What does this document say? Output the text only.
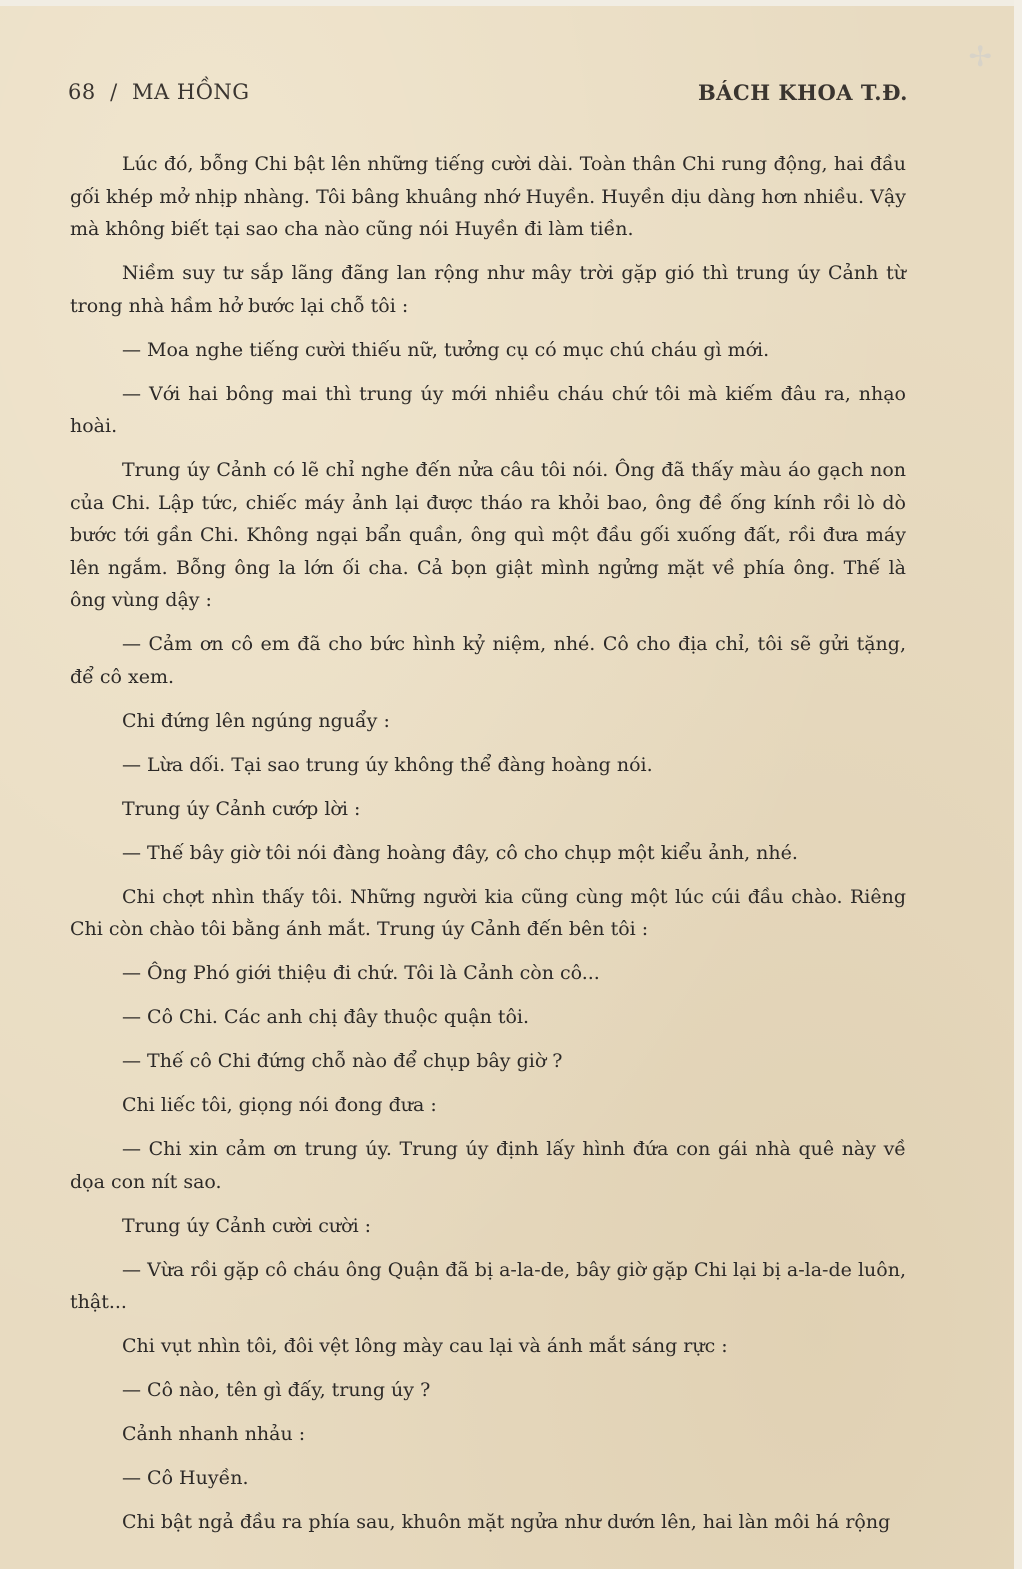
✢
68 / MA HỒNG	BÁCH KHOA T.Đ.

Lúc đó, bỗng Chi bật lên những tiếng cười dài. Toàn thân Chi rung động, hai đầu gối khép mở nhịp nhàng. Tôi bâng khuâng nhớ Huyền. Huyền dịu dàng hơn nhiều. Vậy mà không biết tại sao cha nào cũng nói Huyền đi làm tiền.

Niềm suy tư sắp lãng đãng lan rộng như mây trời gặp gió thì trung úy Cảnh từ trong nhà hầm hở bước lại chỗ tôi :

— Moa nghe tiếng cười thiếu nữ, tưởng cụ có mục chú cháu gì mới.

— Với hai bông mai thì trung úy mới nhiều cháu chứ tôi mà kiếm đâu ra, nhạo hoài.

Trung úy Cảnh có lẽ chỉ nghe đến nửa câu tôi nói. Ông đã thấy màu áo gạch non của Chi. Lập tức, chiếc máy ảnh lại được tháo ra khỏi bao, ông đề ống kính rồi lò dò bước tới gần Chi. Không ngại bẩn quần, ông quì một đầu gối xuống đất, rồi đưa máy lên ngắm. Bỗng ông la lớn ối cha. Cả bọn giật mình ngửng mặt về phía ông. Thế là ông vùng dậy :

— Cảm ơn cô em đã cho bức hình kỷ niệm, nhé. Cô cho địa chỉ, tôi sẽ gửi tặng, để cô xem.

Chi đứng lên ngúng nguẩy :

— Lừa dối. Tại sao trung úy không thể đàng hoàng nói.

Trung úy Cảnh cướp lời :

— Thế bây giờ tôi nói đàng hoàng đây, cô cho chụp một kiểu ảnh, nhé.

Chi chợt nhìn thấy tôi. Những người kia cũng cùng một lúc cúi đầu chào. Riêng Chi còn chào tôi bằng ánh mắt. Trung úy Cảnh đến bên tôi :

— Ông Phó giới thiệu đi chứ. Tôi là Cảnh còn cô...

— Cô Chi. Các anh chị đây thuộc quận tôi.

— Thế cô Chi đứng chỗ nào để chụp bây giờ ?

Chi liếc tôi, giọng nói đong đưa :

— Chi xin cảm ơn trung úy. Trung úy định lấy hình đứa con gái nhà quê này về dọa con nít sao.

Trung úy Cảnh cười cười :

— Vừa rồi gặp cô cháu ông Quận đã bị a-la-de, bây giờ gặp Chi lại bị a-la-de luôn, thật...

Chi vụt nhìn tôi, đôi vệt lông mày cau lại và ánh mắt sáng rực :

— Cô nào, tên gì đấy, trung úy ?

Cảnh nhanh nhảu :

— Cô Huyền.

Chi bật ngả đầu ra phía sau, khuôn mặt ngửa như dướn lên, hai làn môi há rộng
